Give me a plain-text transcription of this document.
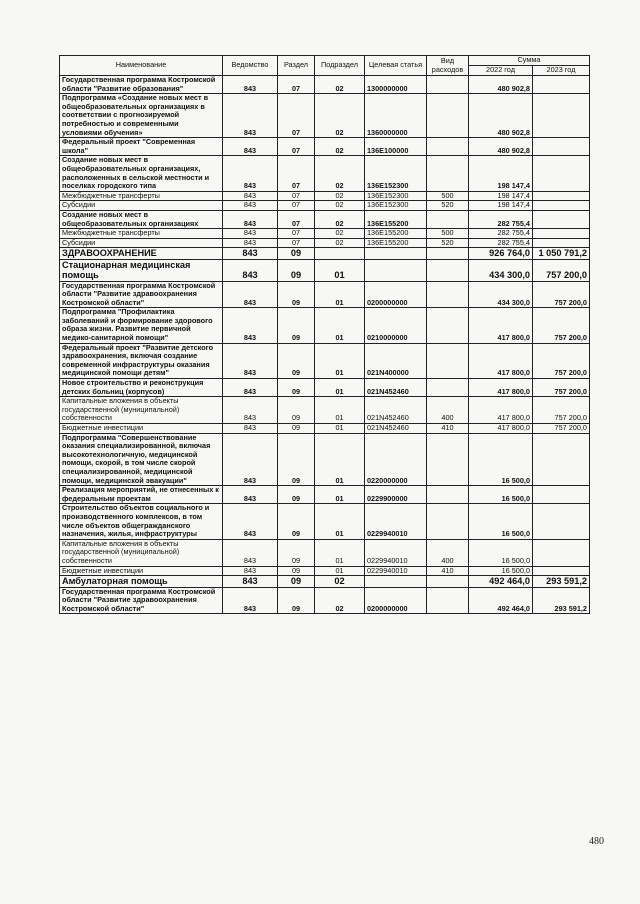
Наименование	Ведомство	Раздел	Подраздел	Целевая статья	Вид расходов	Сумма	
						2022 год	2023 год
Государственная программа Костромской области "Развитие образования"	843	07	02	1300000000		480 902,8	
Подпрограмма «Создание новых мест в общеобразовательных организациях в соответствии с прогнозируемой потребностью и современными условиями обучения»	843	07	02	1360000000		480 902,8	
Федеральный проект "Современная школа"	843	07	02	136E100000		480 902,8	
Создание новых мест в общеобразовательных организациях, расположенных в сельской местности и поселках городского типа	843	07	02	136E152300		198 147,4	
Межбюджетные трансферты	843	07	02	136E152300	500	198 147,4	
Субсидии	843	07	02	136E152300	520	198 147,4	
Создание новых мест в общеобразовательных организациях	843	07	02	136E155200		282 755,4	
Межбюджетные трансферты	843	07	02	136E155200	500	282 755,4	
Субсидии	843	07	02	136E155200	520	282 755,4	
ЗДРАВООХРАНЕНИЕ	843	09				926 764,0	1 050 791,2
Стационарная медицинская помощь	843	09	01			434 300,0	757 200,0
Государственная программа Костромской области "Развитие здравоохранения Костромской области"	843	09	01	0200000000		434 300,0	757 200,0
Подпрограмма "Профилактика заболеваний и формирование здорового образа жизни. Развитие первичной медико-санитарной помощи"	843	09	01	0210000000		417 800,0	757 200,0
Федеральный проект "Развитие детского здравоохранения, включая создание современной инфраструктуры оказания медицинской помощи детям"	843	09	01	021N400000		417 800,0	757 200,0
Новое строительство и реконструкция детских больниц (корпусов)	843	09	01	021N452460		417 800,0	757 200,0
Капитальные вложения в объекты государственной (муниципальной) собственности	843	09	01	021N452460	400	417 800,0	757 200,0
Бюджетные инвестиции	843	09	01	021N452460	410	417 800,0	757 200,0
Подпрограмма "Совершенствование оказания специализированной, включая высокотехнологичную, медицинской помощи, скорой, в том числе скорой специализированной, медицинской помощи, медицинской эвакуации"	843	09	01	0220000000		16 500,0	
Реализация мероприятий, не отнесенных к федеральным проектам	843	09	01	0229900000		16 500,0	
Строительство объектов социального и производственного комплексов, в том числе объектов общегражданского назначения, жилья, инфраструктуры	843	09	01	0229940010		16 500,0	
Капитальные вложения в объекты государственной (муниципальной) собственности	843	09	01	0229940010	400	16 500,0	
Бюджетные инвестиции	843	09	01	0229940010	410	16 500,0	
Амбулаторная помощь	843	09	02			492 464,0	293 591,2
Государственная программа Костромской области "Развитие здравоохранения Костромской области"	843	09	02	0200000000		492 464,0	293 591,2
480
